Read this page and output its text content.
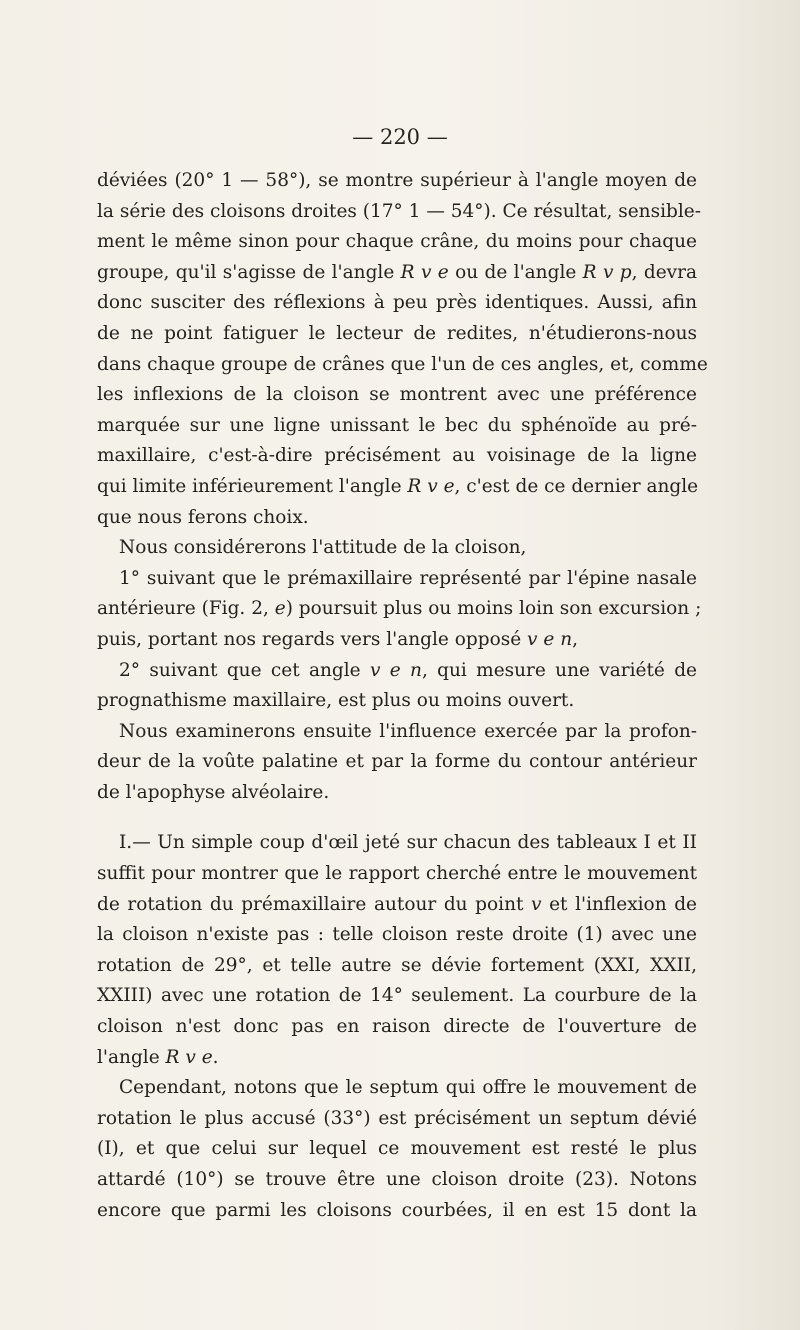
— 220 —

déviées (20° 1 — 58°), se montre supérieur à l'angle moyen de
la série des cloisons droites (17° 1 — 54°). Ce résultat, sensible-
ment le même sinon pour chaque crâne, du moins pour chaque
groupe, qu'il s'agisse de l'angle R v e ou de l'angle R v p, devra
donc susciter des réflexions à peu près identiques. Aussi, afin
de ne point fatiguer le lecteur de redites, n'étudierons-nous
dans chaque groupe de crânes que l'un de ces angles, et, comme
les inflexions de la cloison se montrent avec une préférence
marquée sur une ligne unissant le bec du sphénoïde au pré-
maxillaire, c'est-à-dire précisément au voisinage de la ligne
qui limite inférieurement l'angle R v e, c'est de ce dernier angle
que nous ferons choix.

Nous considérerons l'attitude de la cloison,

1° suivant que le prémaxillaire représenté par l'épine nasale
antérieure (Fig. 2, e) poursuit plus ou moins loin son excursion ;
puis, portant nos regards vers l'angle opposé v e n,

2° suivant que cet angle v e n, qui mesure une variété de
prognathisme maxillaire, est plus ou moins ouvert.

Nous examinerons ensuite l'influence exercée par la profon-
deur de la voûte palatine et par la forme du contour antérieur
de l'apophyse alvéolaire.

I.— Un simple coup d'œil jeté sur chacun des tableaux I et II
suffit pour montrer que le rapport cherché entre le mouvement
de rotation du prémaxillaire autour du point v et l'inflexion de
la cloison n'existe pas : telle cloison reste droite (1) avec une
rotation de 29°, et telle autre se dévie fortement (XXI, XXII,
XXIII) avec une rotation de 14° seulement. La courbure de la
cloison n'est donc pas en raison directe de l'ouverture de
l'angle R v e.

Cependant, notons que le septum qui offre le mouvement de
rotation le plus accusé (33°) est précisément un septum dévié
(I), et que celui sur lequel ce mouvement est resté le plus
attardé (10°) se trouve être une cloison droite (23). Notons
encore que parmi les cloisons courbées, il en est 15 dont la
